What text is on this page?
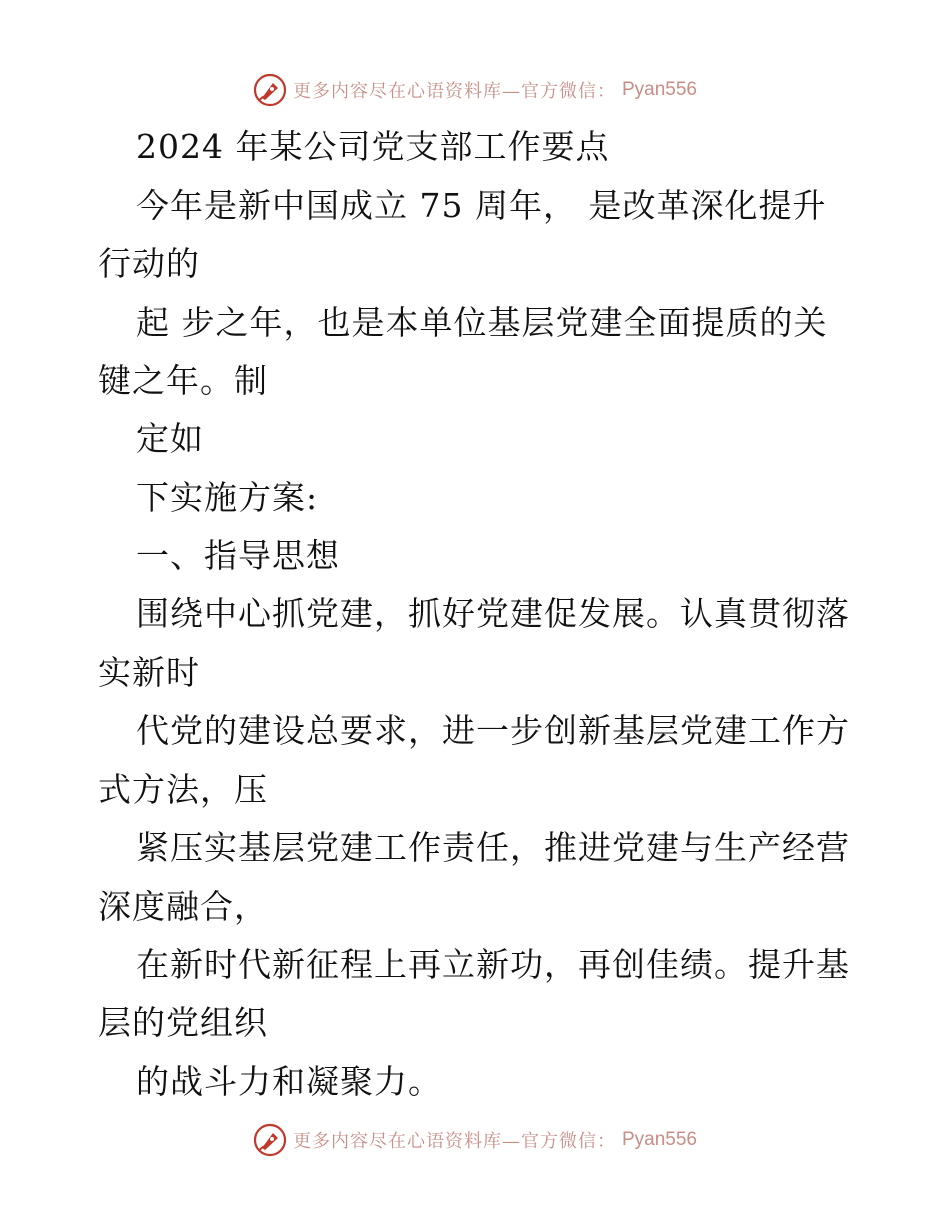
更多内容尽在心语资料库—官方微信： Pyan556
2024 年某公司党支部工作要点
今年是新中国成立 75 周年， 是改革深化提升
行动的
起 步之年，也是本单位基层党建全面提质的关
键之年。制
定如
下实施方案:
一、指导思想
围绕中心抓党建，抓好党建促发展。认真贯彻落
实新时
代党的建设总要求，进一步创新基层党建工作方
式方法，压
紧压实基层党建工作责任，推进党建与生产经营
深度融合，
在新时代新征程上再立新功，再创佳绩。提升基
层的党组织
的战斗力和凝聚力。
更多内容尽在心语资料库—官方微信： Pyan556
